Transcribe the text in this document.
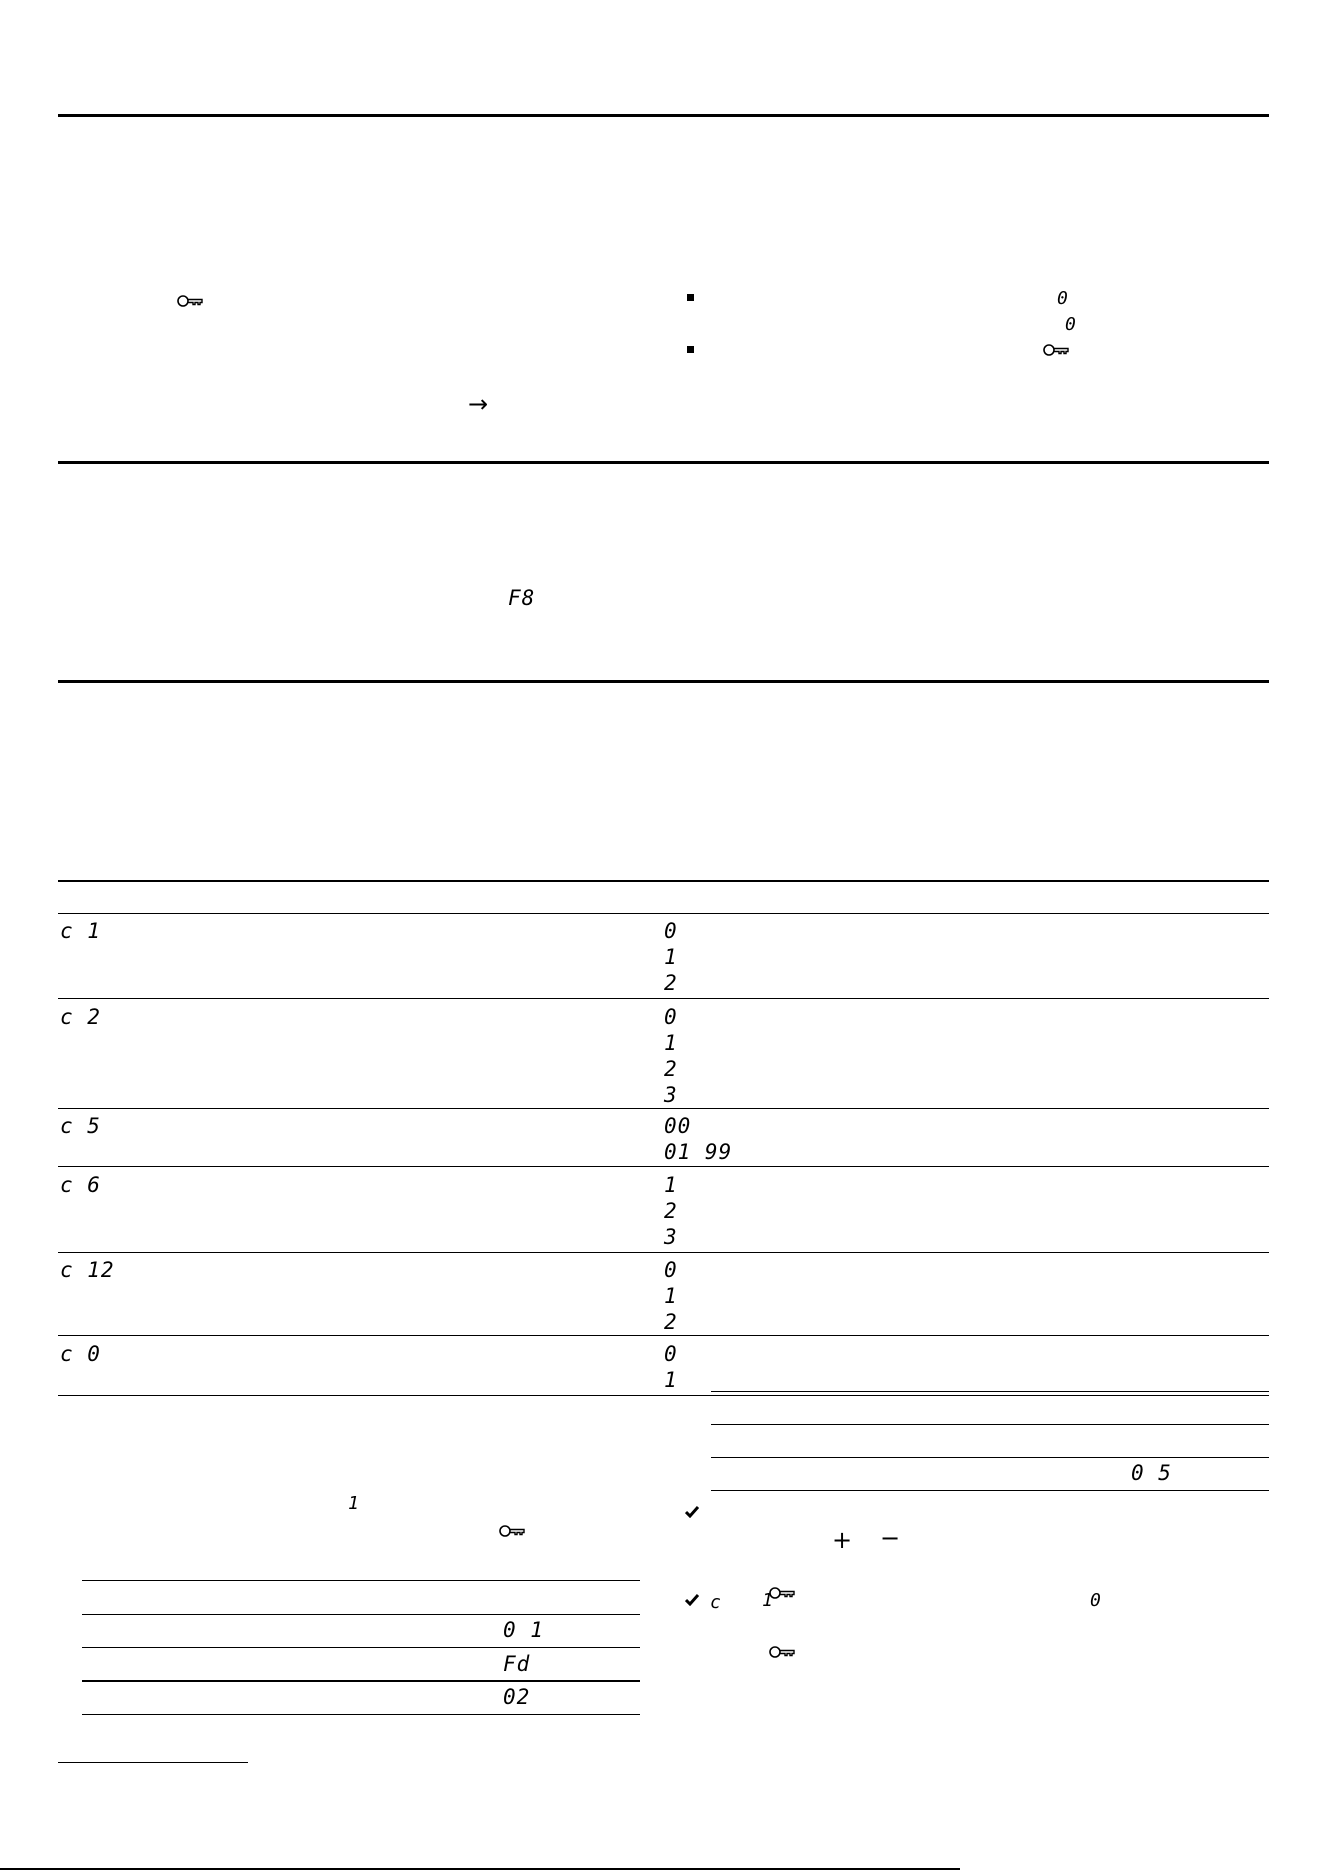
→
0
0
F8
c 1	0
1
2
c 2	0
1
2
3
c 5	00
01 99
c 6	1
2
3
c 12	0
1
2
c 0	0
1
1
0 1
Fd
02
0 5
+ −
c 1	0
